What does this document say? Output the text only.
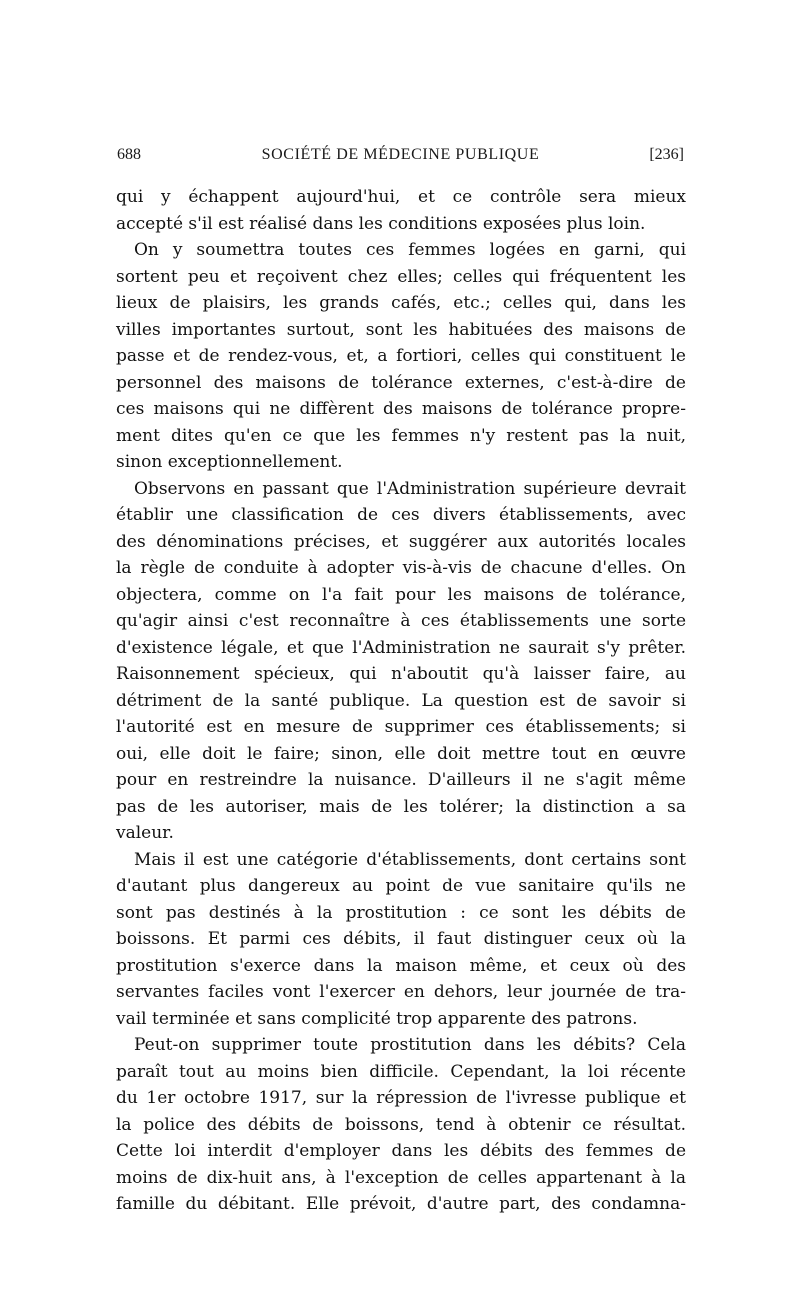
688	SOCIÉTÉ DE MÉDECINE PUBLIQUE	[236]
qui y échappent aujourd'hui, et ce contrôle sera mieux
accepté s'il est réalisé dans les conditions exposées plus loin.
On y soumettra toutes ces femmes logées en garni, qui
sortent peu et reçoivent chez elles; celles qui fréquentent les
lieux de plaisirs, les grands cafés, etc.; celles qui, dans les
villes importantes surtout, sont les habituées des maisons de
passe et de rendez-vous, et, a fortiori, celles qui constituent le
personnel des maisons de tolérance externes, c'est-à-dire de
ces maisons qui ne diffèrent des maisons de tolérance propre-
ment dites qu'en ce que les femmes n'y restent pas la nuit,
sinon exceptionnellement.
Observons en passant que l'Administration supérieure devrait
établir une classification de ces divers établissements, avec
des dénominations précises, et suggérer aux autorités locales
la règle de conduite à adopter vis-à-vis de chacune d'elles. On
objectera, comme on l'a fait pour les maisons de tolérance,
qu'agir ainsi c'est reconnaître à ces établissements une sorte
d'existence légale, et que l'Administration ne saurait s'y prêter.
Raisonnement spécieux, qui n'aboutit qu'à laisser faire, au
détriment de la santé publique. La question est de savoir si
l'autorité est en mesure de supprimer ces établissements; si
oui, elle doit le faire; sinon, elle doit mettre tout en œuvre
pour en restreindre la nuisance. D'ailleurs il ne s'agit même
pas de les autoriser, mais de les tolérer; la distinction a sa
valeur.
Mais il est une catégorie d'établissements, dont certains sont
d'autant plus dangereux au point de vue sanitaire qu'ils ne
sont pas destinés à la prostitution : ce sont les débits de
boissons. Et parmi ces débits, il faut distinguer ceux où la
prostitution s'exerce dans la maison même, et ceux où des
servantes faciles vont l'exercer en dehors, leur journée de tra-
vail terminée et sans complicité trop apparente des patrons.
Peut-on supprimer toute prostitution dans les débits? Cela
paraît tout au moins bien difficile. Cependant, la loi récente
du 1er octobre 1917, sur la répression de l'ivresse publique et
la police des débits de boissons, tend à obtenir ce résultat.
Cette loi interdit d'employer dans les débits des femmes de
moins de dix-huit ans, à l'exception de celles appartenant à la
famille du débitant. Elle prévoit, d'autre part, des condamna-
